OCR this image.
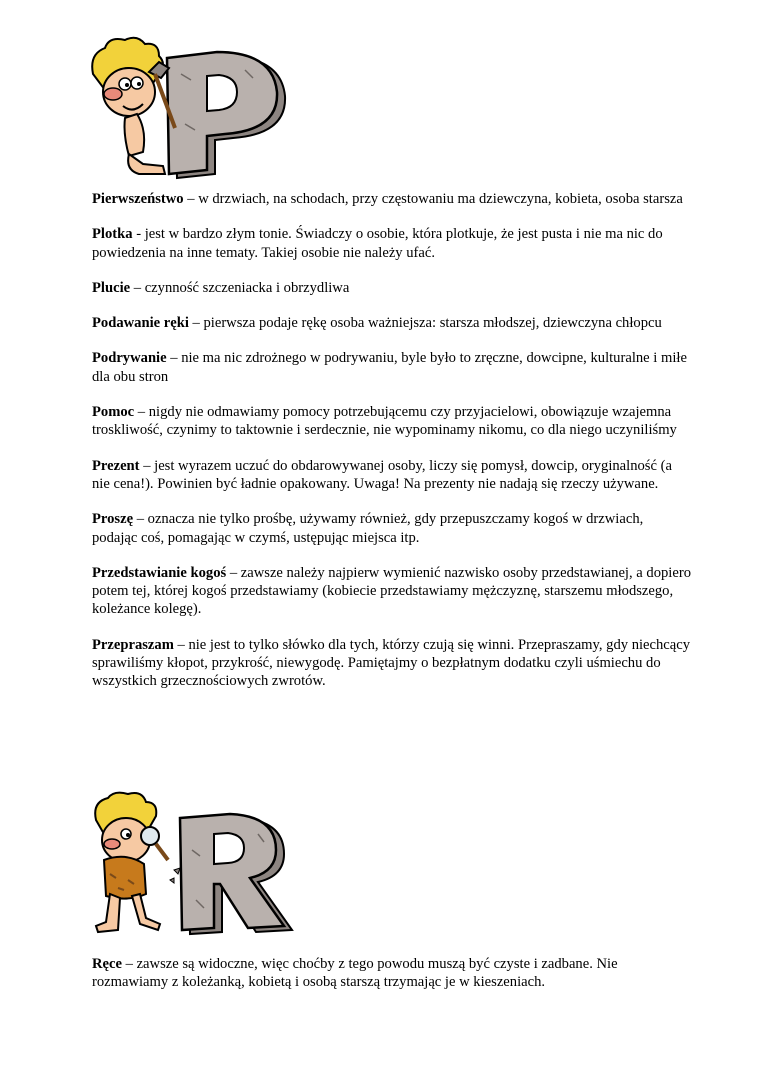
Pierwszeństwo – w drzwiach, na schodach, przy częstowaniu ma dziewczyna, kobieta, osoba starsza

Plotka - jest w bardzo złym tonie. Świadczy o osobie, która plotkuje, że jest pusta i nie ma nic do powiedzenia na inne tematy. Takiej osobie nie należy ufać.

Plucie – czynność szczeniacka i obrzydliwa

Podawanie ręki – pierwsza podaje rękę osoba ważniejsza: starsza młodszej, dziewczyna chłopcu

Podrywanie – nie ma nic zdrożnego w podrywaniu, byle było to zręczne, dowcipne, kulturalne i miłe dla obu stron

Pomoc – nigdy nie odmawiamy pomocy potrzebującemu czy przyjacielowi, obowiązuje wzajemna troskliwość, czynimy to taktownie i serdecznie, nie wypominamy nikomu, co dla niego uczyniliśmy

Prezent – jest wyrazem uczuć do obdarowywanej osoby, liczy się pomysł, dowcip, oryginalność (a nie cena!). Powinien być ładnie opakowany. Uwaga! Na prezenty nie nadają się rzeczy używane.

Proszę – oznacza nie tylko prośbę, używamy również, gdy przepuszczamy kogoś w drzwiach, podając coś, pomagając w czymś, ustępując miejsca itp.

Przedstawianie kogoś – zawsze należy najpierw wymienić nazwisko osoby przedstawianej, a dopiero potem tej, której kogoś przedstawiamy (kobiecie przedstawiamy mężczyznę, starszemu młodszego, koleżance kolegę).

Przepraszam – nie jest to tylko słówko dla tych, którzy czują się winni. Przepraszamy, gdy niechcący sprawiliśmy kłopot, przykrość, niewygodę. Pamiętajmy o bezpłatnym dodatku czyli uśmiechu do wszystkich grzecznościowych zwrotów.

Ręce – zawsze są widoczne, więc choćby z tego powodu muszą być czyste i zadbane. Nie rozmawiamy z koleżanką, kobietą i osobą starszą trzymając je w kieszeniach.
